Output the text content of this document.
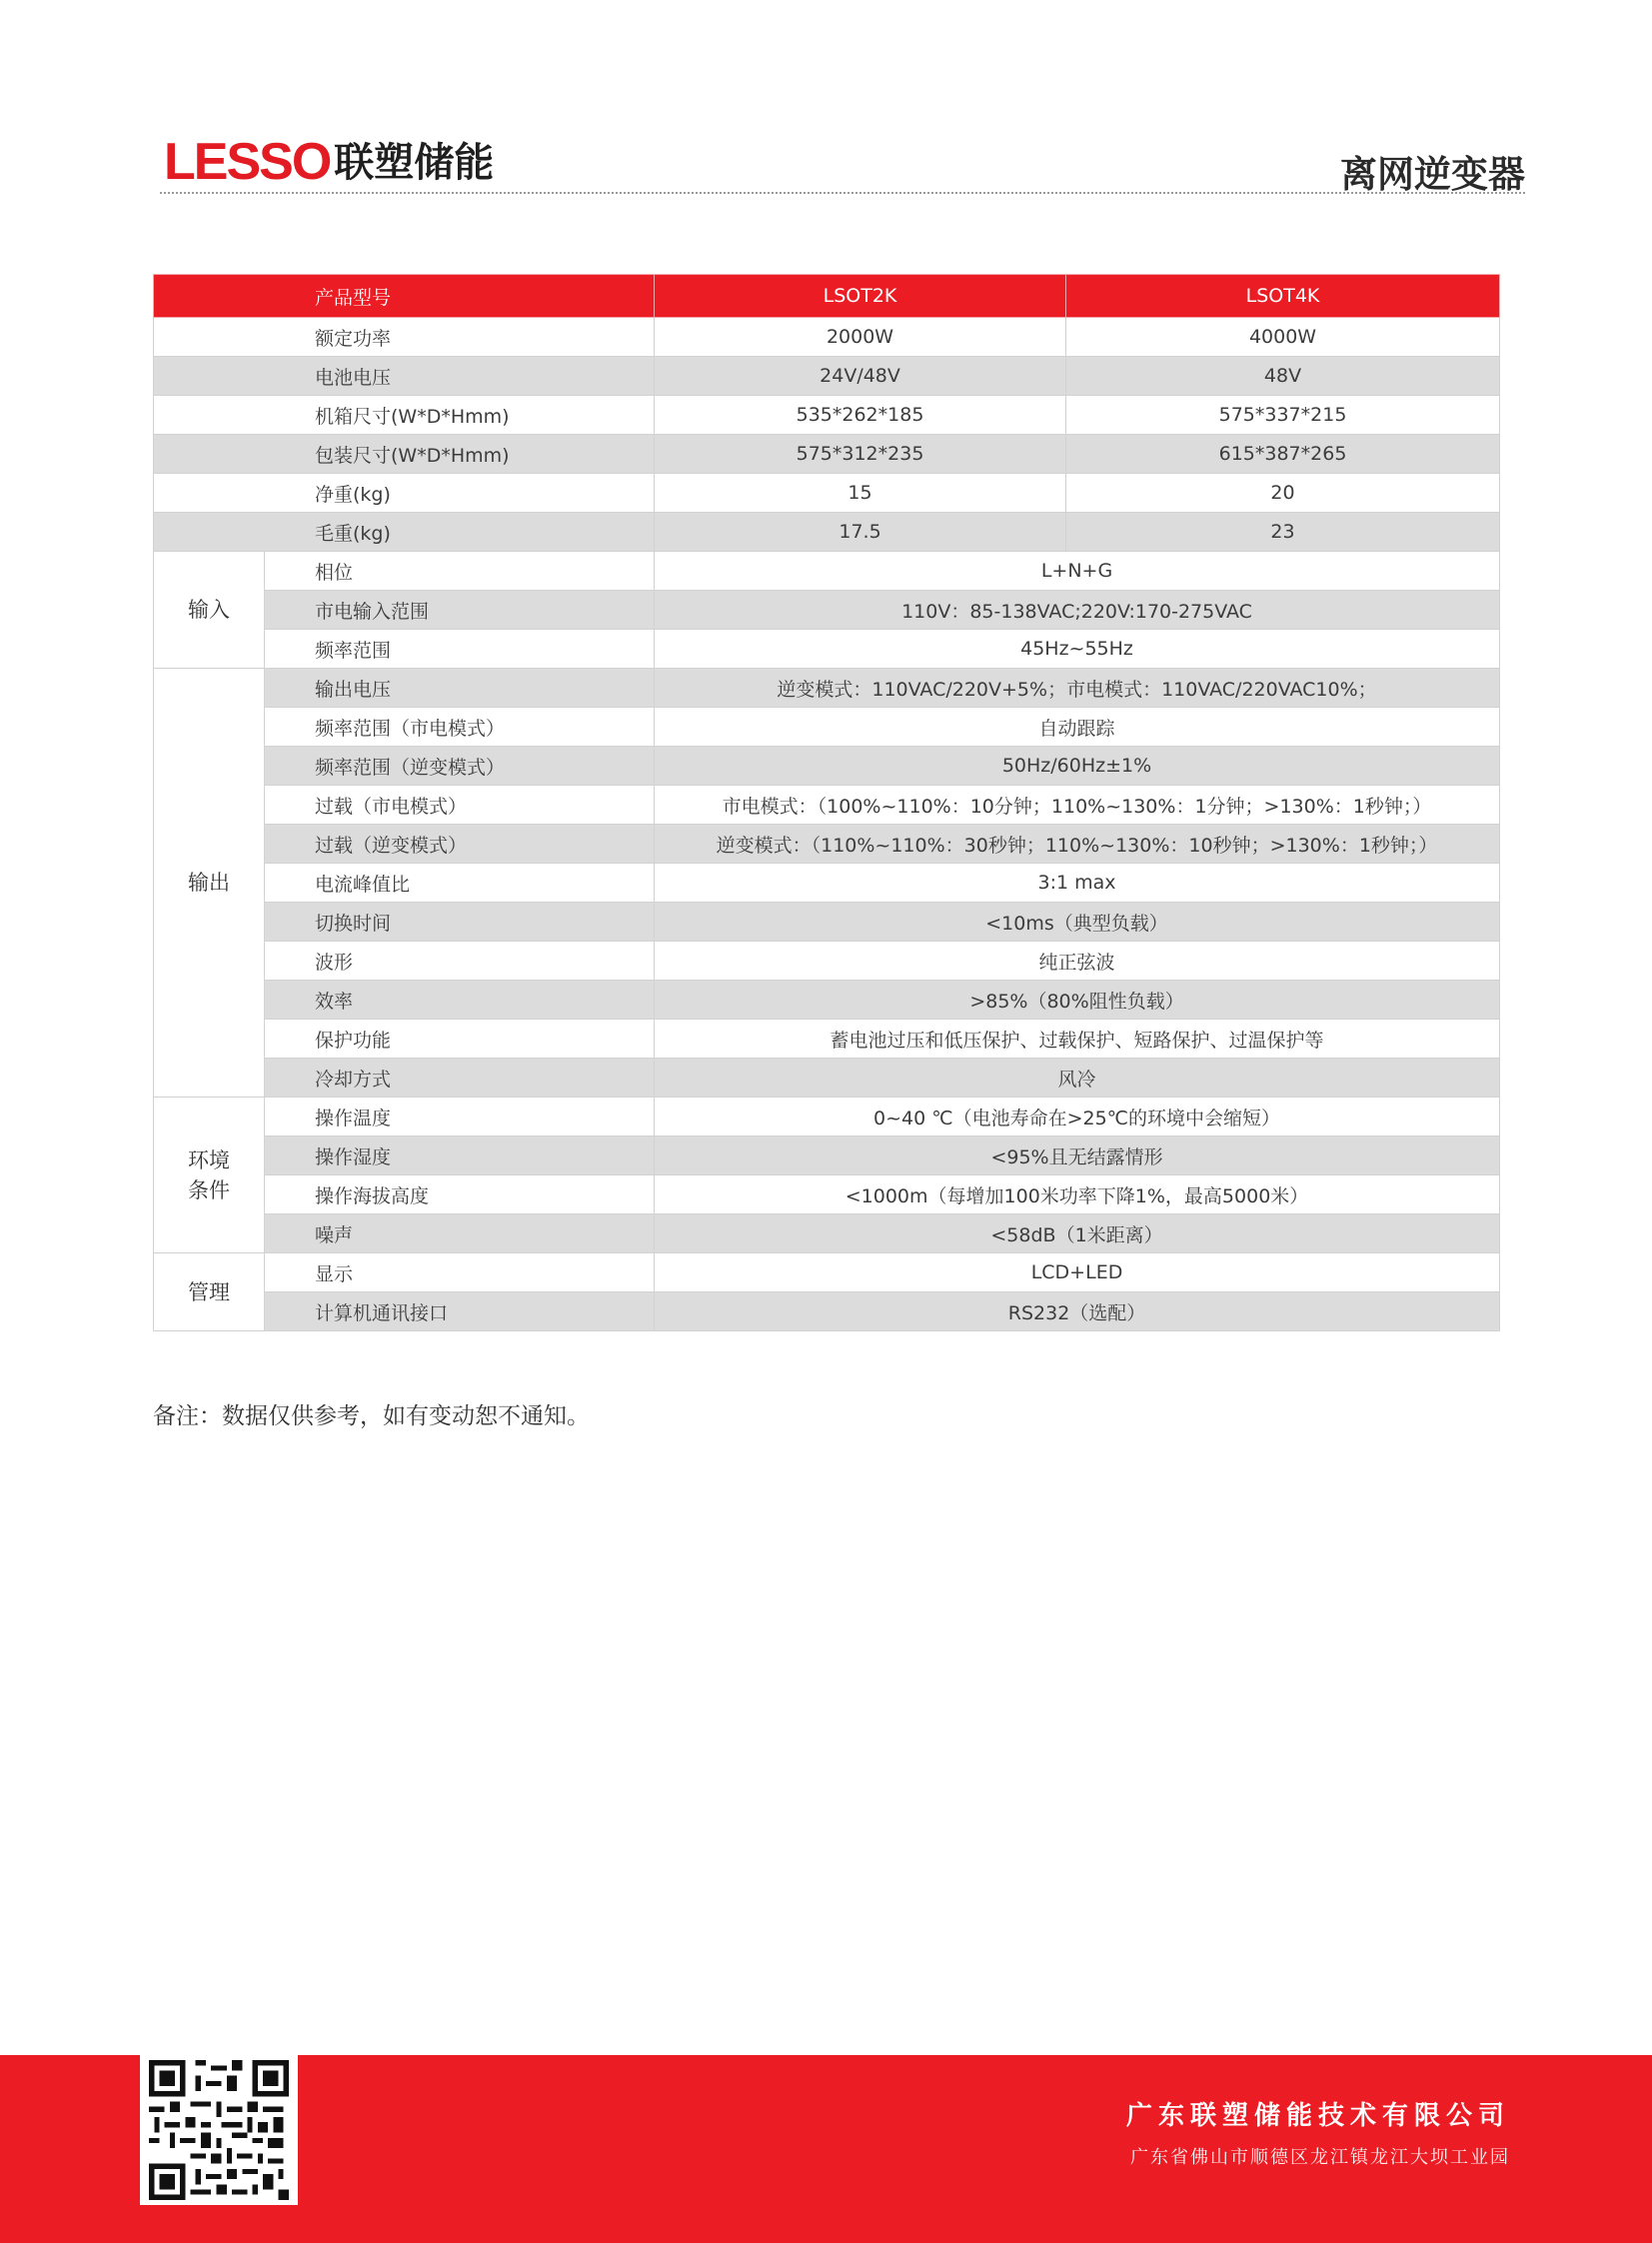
LESSO 联塑储能	离网逆变器
产品型号		LSOT2K	LSOT4K
额定功率		2000W	4000W
电池电压		24V/48V	48V
机箱尺寸(W*D*Hmm)		535*262*185	575*337*215
包装尺寸(W*D*Hmm)		575*312*235	615*387*265
净重(kg)		15	20
毛重(kg)		17.5	23
输入	相位	L+N+G	
	市电输入范围	110V：85-138VAC;220V:170-275VAC	
	频率范围	45Hz~55Hz	
输出	输出电压	逆变模式：110VAC/220V+5%；市电模式：110VAC/220VAC10%；	
	频率范围（市电模式）	自动跟踪	
	频率范围（逆变模式）	50Hz/60Hz±1%	
	过载（市电模式）	市电模式：（100%~110%：10分钟；110%~130%：1分钟；>130%：1秒钟；）	
	过载（逆变模式）	逆变模式：（110%~110%：30秒钟；110%~130%：10秒钟；>130%：1秒钟；）	
	电流峰值比	3:1 max	
	切换时间	<10ms（典型负载）	
	波形	纯正弦波	
	效率	>85%（80%阻性负载）	
	保护功能	蓄电池过压和低压保护、过载保护、短路保护、过温保护等	
	冷却方式	风冷	
环境
条件	操作温度	0~40 ℃（电池寿命在>25℃的环境中会缩短）	
	操作湿度	<95%且无结露情形	
	操作海拔高度	<1000m（每增加100米功率下降1%，最高5000米）	
	噪声	<58dB（1米距离）	
管理	显示	LCD+LED	
	计算机通讯接口	RS232（选配）	
备注：数据仅供参考，如有变动恕不通知。
广东联塑储能技术有限公司
广东省佛山市顺德区龙江镇龙江大坝工业园
